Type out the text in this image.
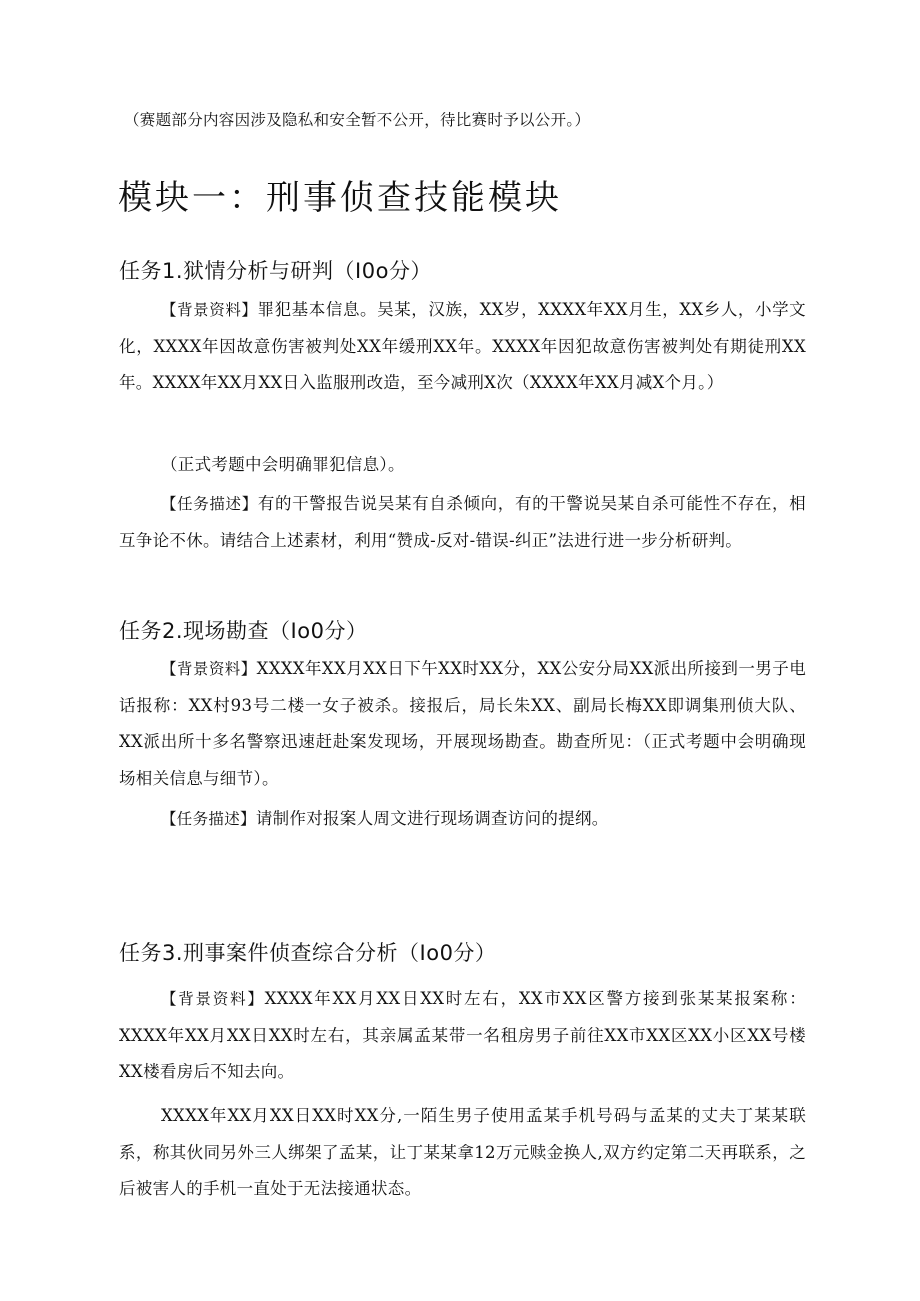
（赛题部分内容因涉及隐私和安全暂不公开，待比赛时予以公开。）
模块一：刑事侦查技能模块
任务1.狱情分析与研判（I0o分）
【背景资料】罪犯基本信息。吴某，汉族，XX岁，XXXX年XX月生，XX乡人，小学文化，XXXX年因故意伤害被判处XX年缓刑XX年。XXXX年因犯故意伤害被判处有期徒刑XX年。XXXX年XX月XX日入监服刑改造，至今减刑X次（XXXX年XX月减X个月。）
（正式考题中会明确罪犯信息）。
【任务描述】有的干警报告说吴某有自杀倾向，有的干警说吴某自杀可能性不存在，相互争论不休。请结合上述素材，利用“赞成-反对-错误-纠正”法进行进一步分析研判。
任务2.现场勘查（Io0分）
【背景资料】XXXX年XX月XX日下午XX时XX分，XX公安分局XX派出所接到一男子电话报称：XX村93号二楼一女子被杀。接报后，局长朱XX、副局长梅XX即调集刑侦大队、XX派出所十多名警察迅速赶赴案发现场，开展现场勘查。勘查所见：（正式考题中会明确现场相关信息与细节）。
【任务描述】请制作对报案人周文进行现场调查访问的提纲。
任务3.刑事案件侦查综合分析（Io0分）
【背景资料】XXXX年XX月XX日XX时左右，XX市XX区警方接到张某某报案称：XXXX年XX月XX日XX时左右，其亲属孟某带一名租房男子前往XX市XX区XX小区XX号楼XX楼看房后不知去向。
XXXX年XX月XX日XX时XX分,一陌生男子使用孟某手机号码与孟某的丈夫丁某某联系，称其伙同另外三人绑架了孟某，让丁某某拿12万元赎金换人,双方约定第二天再联系，之后被害人的手机一直处于无法接通状态。
